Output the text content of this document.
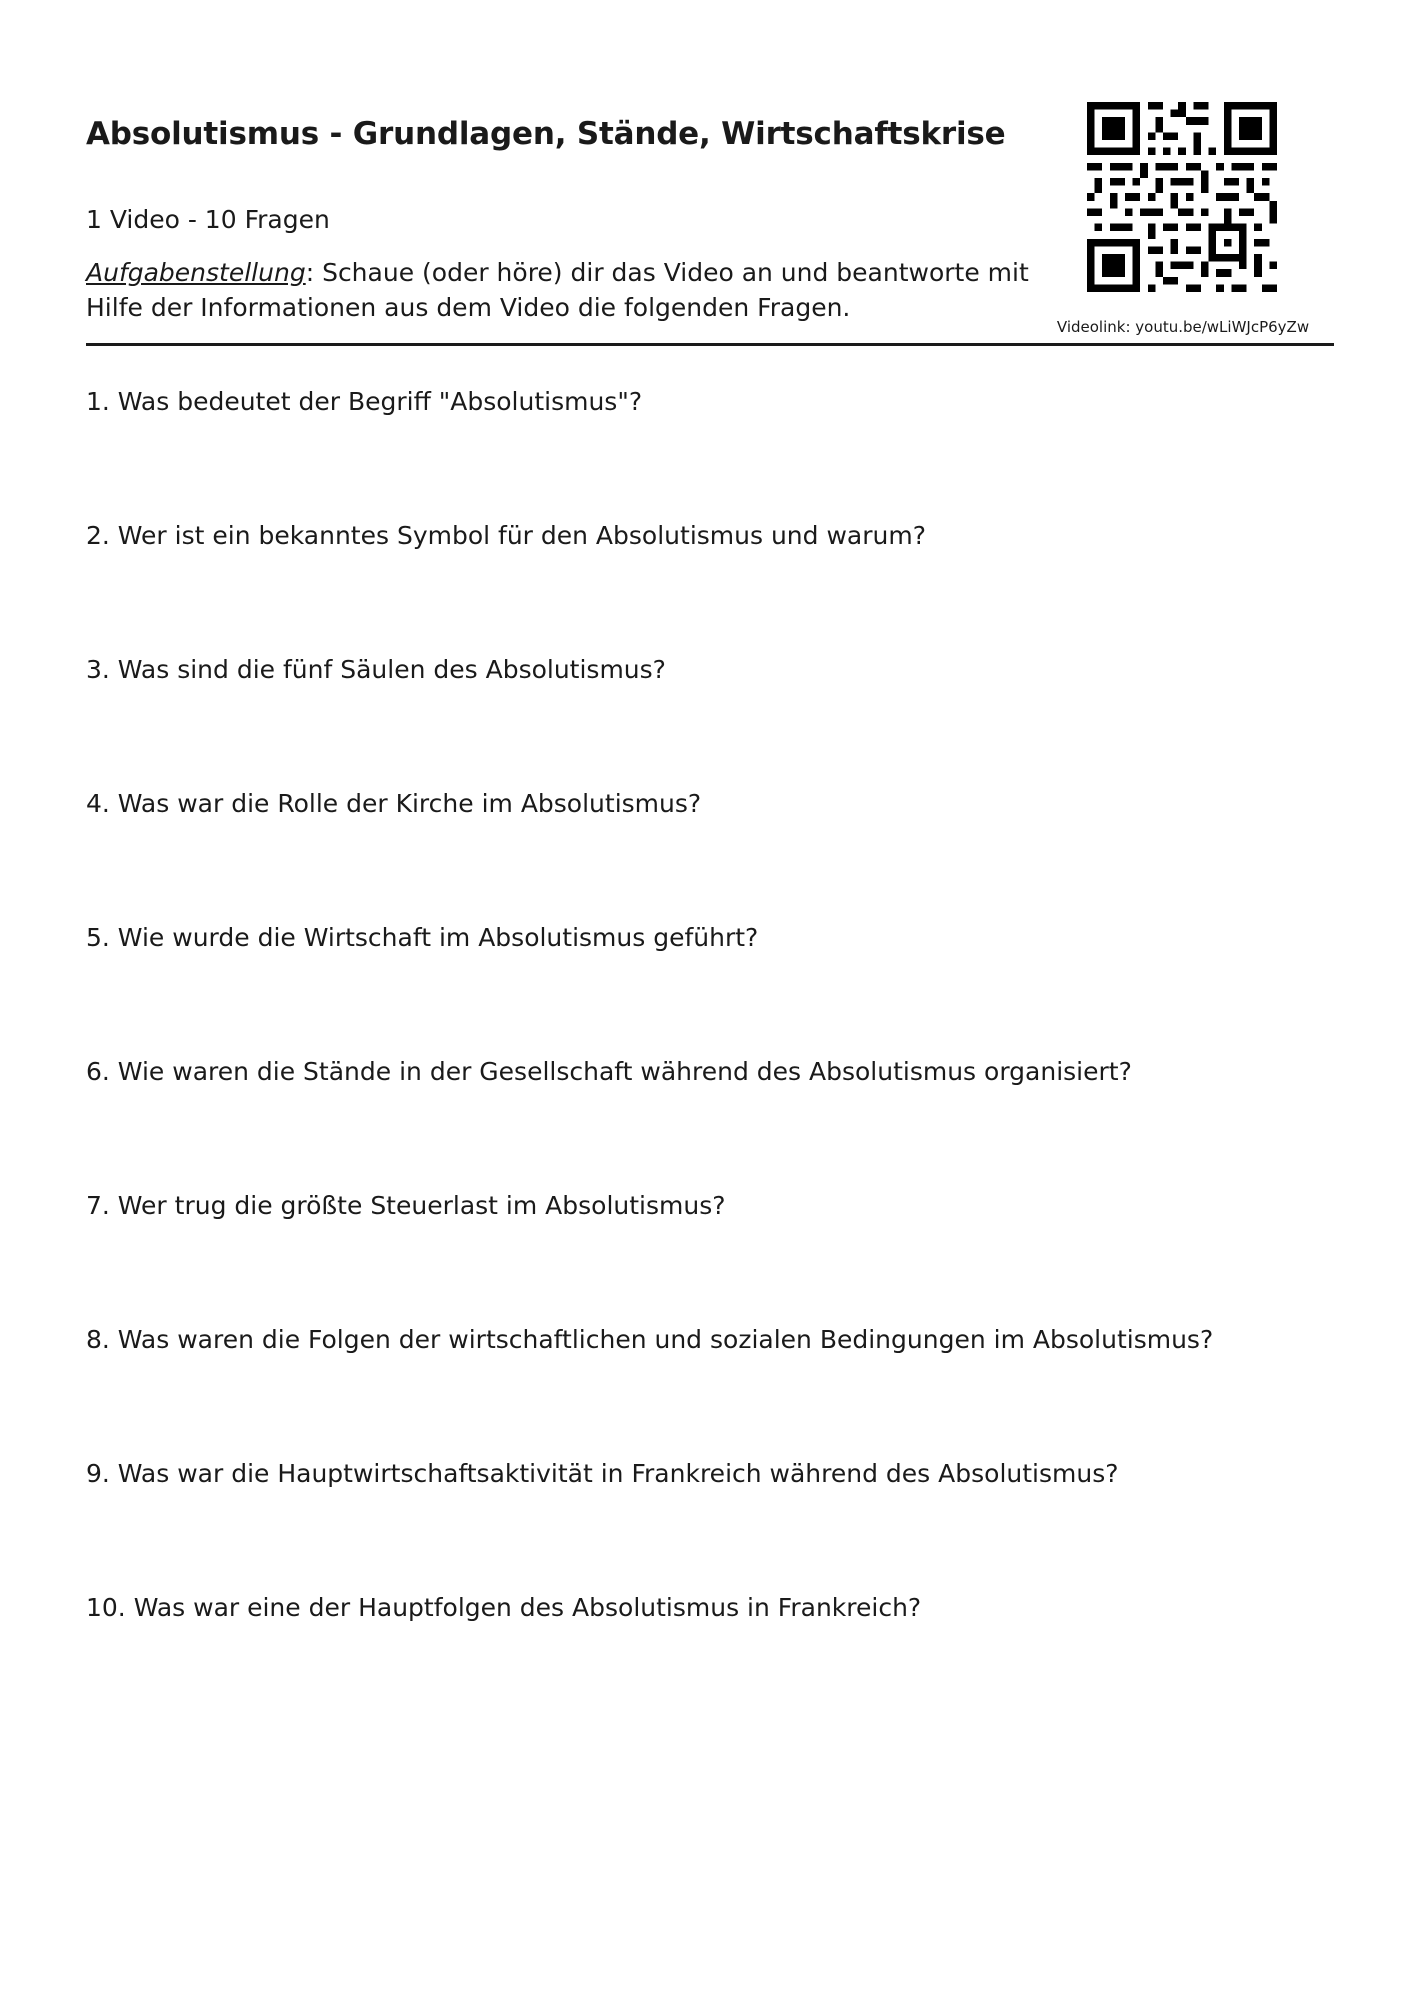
Absolutismus - Grundlagen, Stände, Wirtschaftskrise
1 Video - 10 Fragen
Aufgabenstellung: Schaue (oder höre) dir das Video an und beantworte mit Hilfe der Informationen aus dem Video die folgenden Fragen.
Videolink: youtu.be/wLiWJcP6yZw
1. Was bedeutet der Begriff "Absolutismus"?
2. Wer ist ein bekanntes Symbol für den Absolutismus und warum?
3. Was sind die fünf Säulen des Absolutismus?
4. Was war die Rolle der Kirche im Absolutismus?
5. Wie wurde die Wirtschaft im Absolutismus geführt?
6. Wie waren die Stände in der Gesellschaft während des Absolutismus organisiert?
7. Wer trug die größte Steuerlast im Absolutismus?
8. Was waren die Folgen der wirtschaftlichen und sozialen Bedingungen im Absolutismus?
9. Was war die Hauptwirtschaftsaktivität in Frankreich während des Absolutismus?
10. Was war eine der Hauptfolgen des Absolutismus in Frankreich?
